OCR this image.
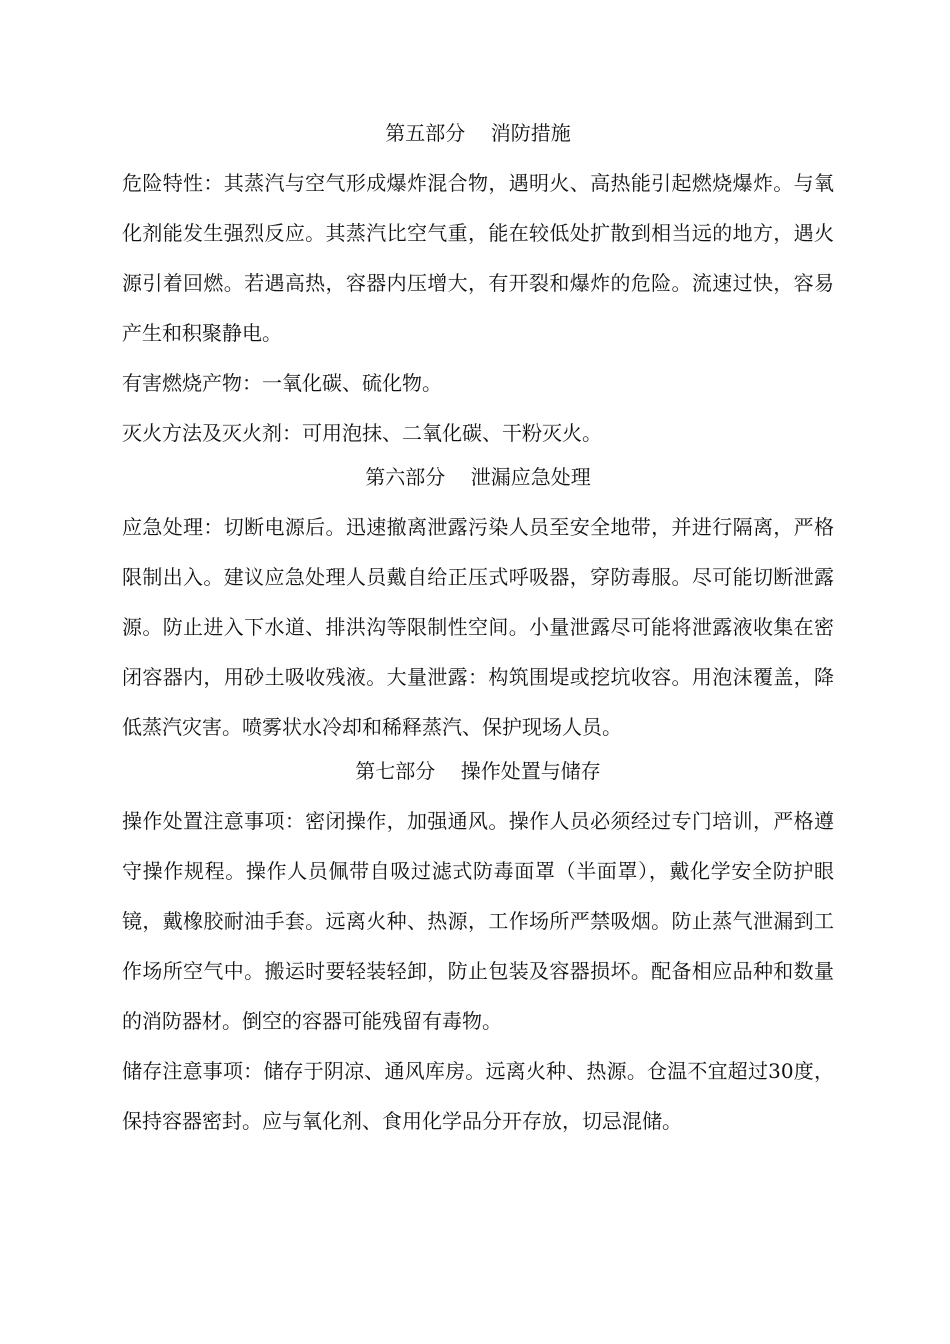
第五部分    消防措施

危险特性：其蒸汽与空气形成爆炸混合物，遇明火、高热能引起燃烧爆炸。与氧化剂能发生强烈反应。其蒸汽比空气重，能在较低处扩散到相当远的地方，遇火源引着回燃。若遇高热，容器内压增大，有开裂和爆炸的危险。流速过快，容易产生和积聚静电。

有害燃烧产物：一氧化碳、硫化物。

灭火方法及灭火剂：可用泡抹、二氧化碳、干粉灭火。

第六部分    泄漏应急处理

应急处理：切断电源后。迅速撤离泄露污染人员至安全地带，并进行隔离，严格限制出入。建议应急处理人员戴自给正压式呼吸器，穿防毒服。尽可能切断泄露源。防止进入下水道、排洪沟等限制性空间。小量泄露尽可能将泄露液收集在密闭容器内，用砂土吸收残液。大量泄露：构筑围堤或挖坑收容。用泡沫覆盖，降低蒸汽灾害。喷雾状水冷却和稀释蒸汽、保护现场人员。

第七部分    操作处置与储存

操作处置注意事项：密闭操作，加强通风。操作人员必须经过专门培训，严格遵守操作规程。操作人员佩带自吸过滤式防毒面罩（半面罩），戴化学安全防护眼镜，戴橡胶耐油手套。远离火种、热源，工作场所严禁吸烟。防止蒸气泄漏到工作场所空气中。搬运时要轻装轻卸，防止包装及容器损坏。配备相应品种和数量的消防器材。倒空的容器可能残留有毒物。

储存注意事项：储存于阴凉、通风库房。远离火种、热源。仓温不宜超过30度，保持容器密封。应与氧化剂、食用化学品分开存放，切忌混储。
